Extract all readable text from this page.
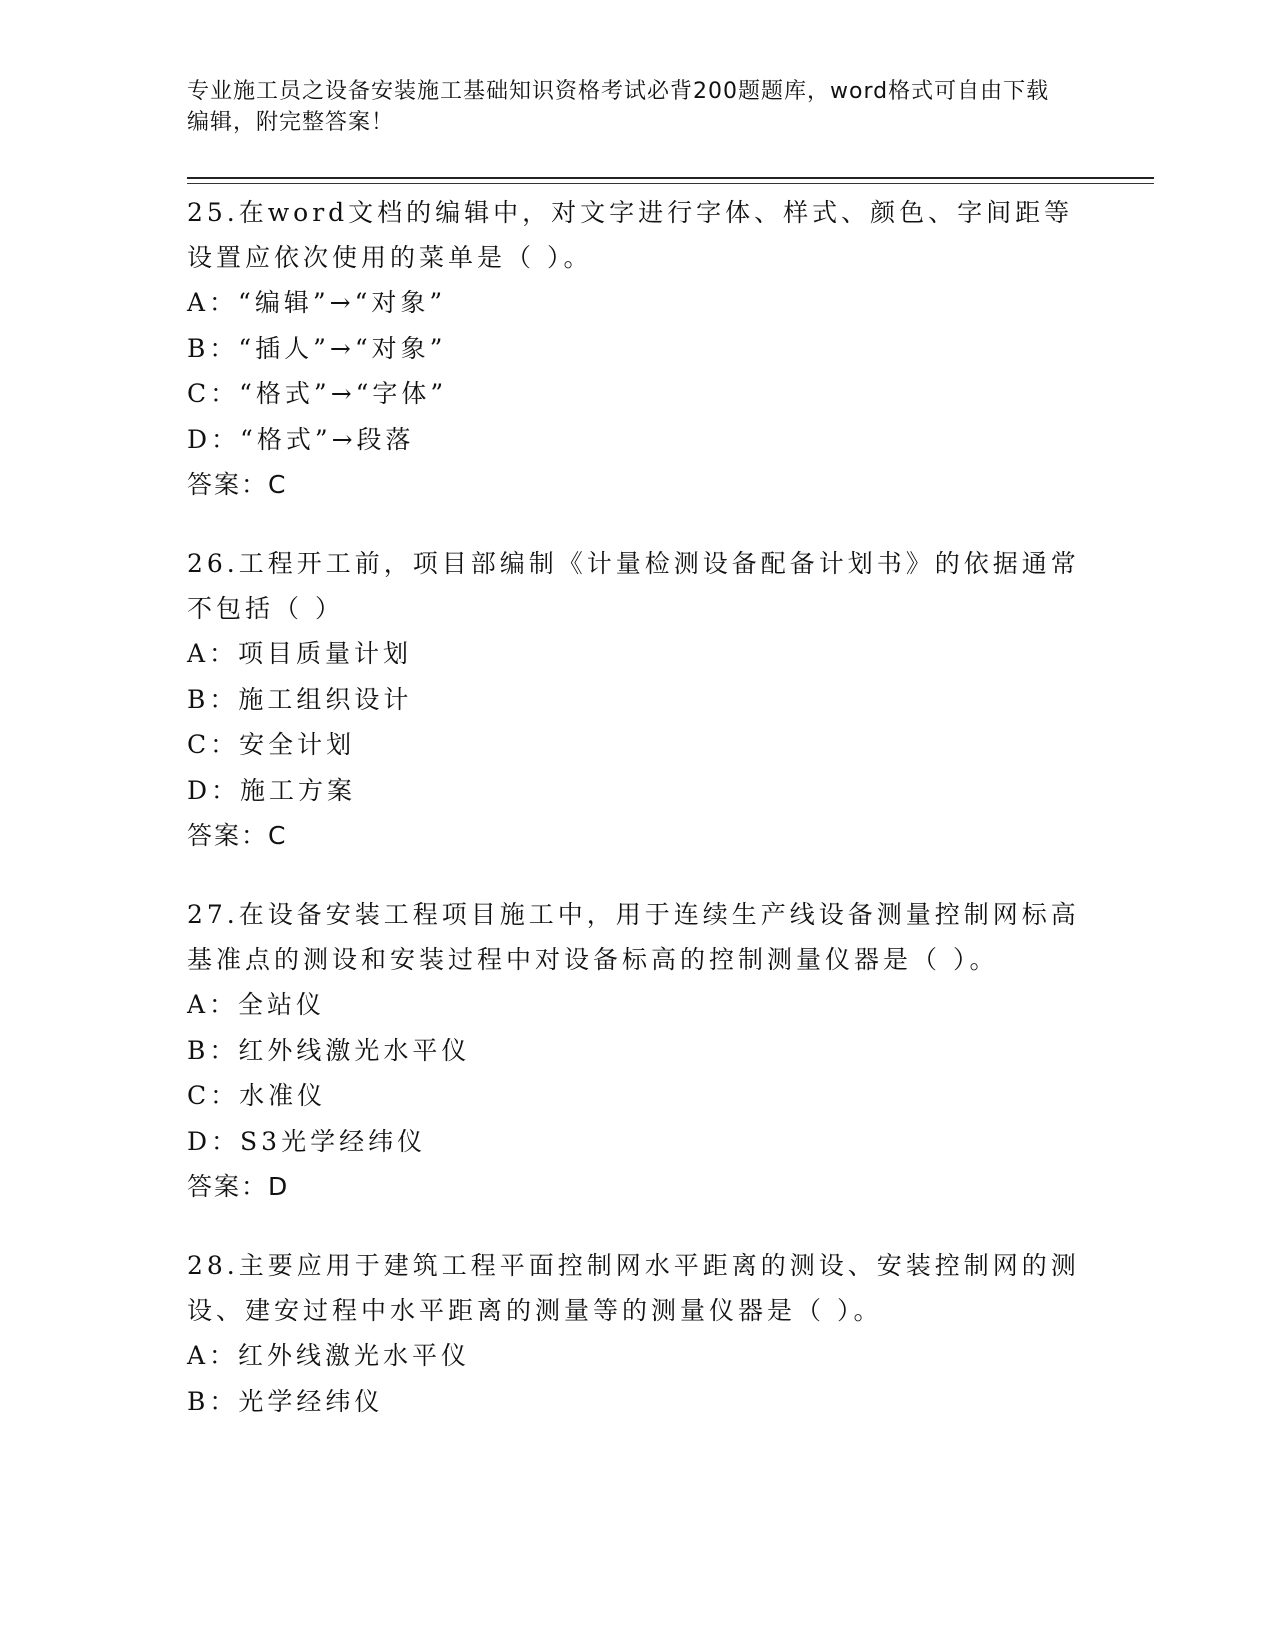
专业施工员之设备安装施工基础知识资格考试必背200题题库，word格式可自由下载编辑，附完整答案！

25.在word文档的编辑中，对文字进行字体、样式、颜色、字间距等设置应依次使用的菜单是（ ）。

A：“编辑”→“对象”

B：“插人”→“对象”

C：“格式”→“字体”

D：“格式”→段落

答案：C

26.工程开工前，项目部编制《计量检测设备配备计划书》的依据通常不包括（ ）

A：项目质量计划

B：施工组织设计

C：安全计划

D：施工方案

答案：C

27.在设备安装工程项目施工中，用于连续生产线设备测量控制网标高基准点的测设和安装过程中对设备标高的控制测量仪器是（ ）。

A：全站仪

B：红外线激光水平仪

C：水准仪

D：S3光学经纬仪

答案：D

28.主要应用于建筑工程平面控制网水平距离的测设、安装控制网的测设、建安过程中水平距离的测量等的测量仪器是（ ）。

A：红外线激光水平仪

B：光学经纬仪
